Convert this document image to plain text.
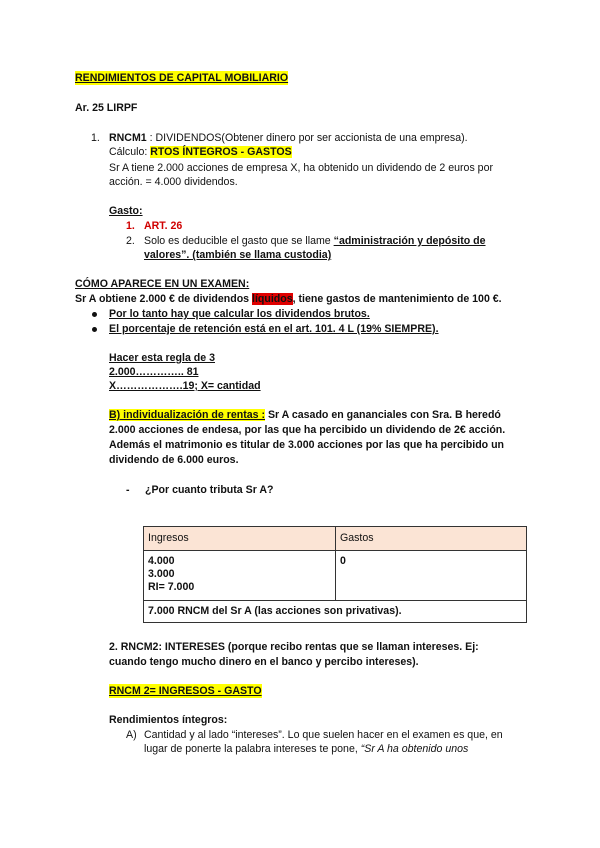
RENDIMIENTOS DE CAPITAL MOBILIARIO
Ar. 25 LIRPF
1. RNCM1 : DIVIDENDOS(Obtener dinero por ser accionista de una empresa).
Cálculo: RTOS ÍNTEGROS - GASTOS
Sr A tiene 2.000 acciones de empresa X, ha obtenido un dividendo de 2 euros por
acción. = 4.000 dividendos.
Gasto:
1. ART. 26
2. Solo es deducible el gasto que se llame “administración y depósito de
valores”. (también se llama custodia)
CÓMO APARECE EN UN EXAMEN:
Sr A obtiene 2.000 € de dividendos líquidos, tiene gastos de mantenimiento de 100 €.
Por lo tanto hay que calcular los dividendos brutos.
El porcentaje de retención está en el art. 101. 4 L (19% SIEMPRE).
Hacer esta regla de 3
2.000………….. 81
X……………….19; X= cantidad
B) individualización de rentas : Sr A casado en gananciales con Sra. B heredó
2.000 acciones de endesa, por las que ha percibido un dividendo de 2€ acción.
Además el matrimonio es titular de 3.000 acciones por las que ha percibido un
dividendo de 6.000 euros.
- ¿Por cuanto tributa Sr A?
Ingresos	Gastos

4.000
3.000
RI= 7.000	0
7.000 RNCM del Sr A (las acciones son privativas).	
2. RNCM2: INTERESES (porque recibo rentas que se llaman intereses. Ej:
cuando tengo mucho dinero en el banco y percibo intereses).
RNCM 2= INGRESOS - GASTO
Rendimientos íntegros:
A) Cantidad y al lado “intereses”. Lo que suelen hacer en el examen es que, en
lugar de ponerte la palabra intereses te pone, “Sr A ha obtenido unos
